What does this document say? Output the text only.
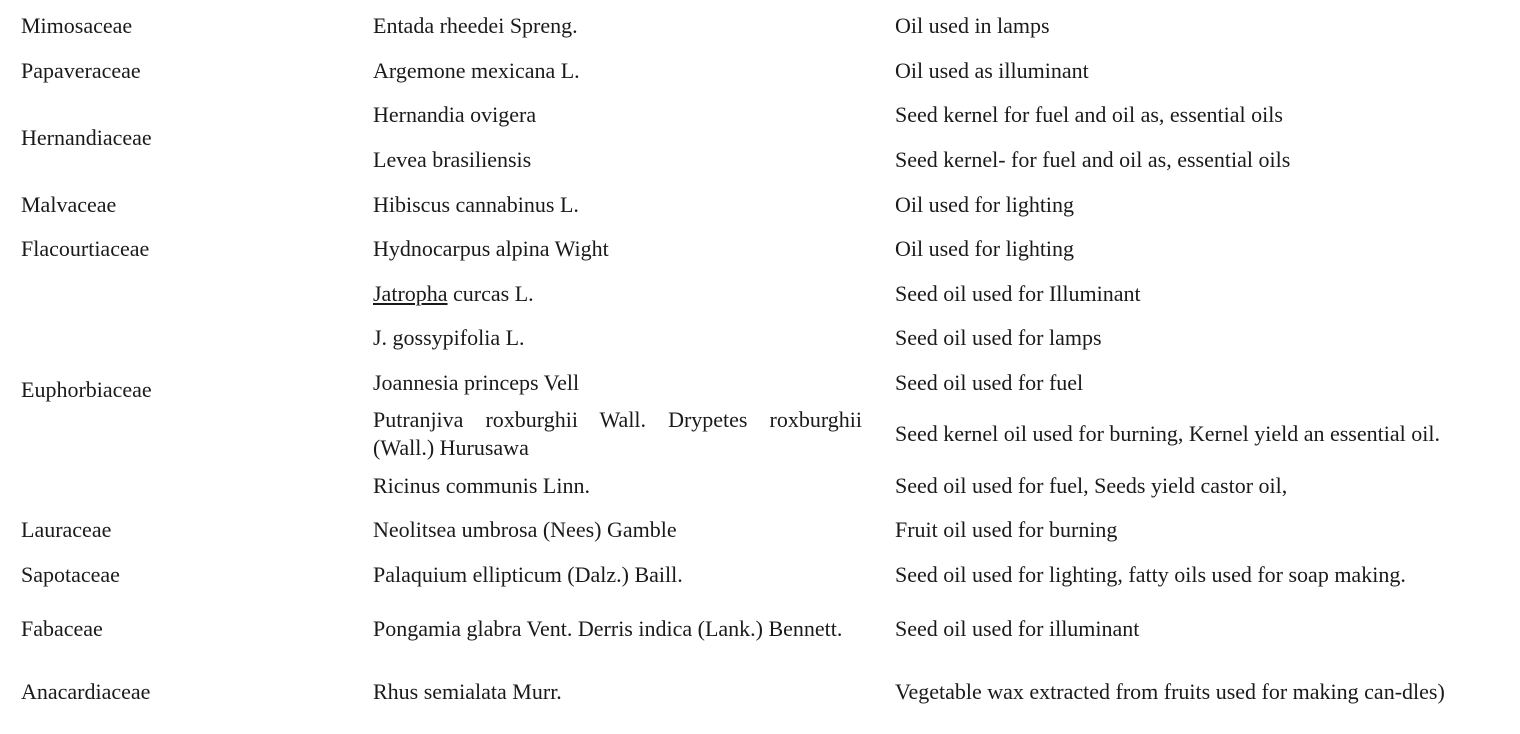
Mimosaceae	Entada rheedei Spreng.	Oil used in lamps
Papaveraceae	Argemone mexicana L.	Oil used as illuminant
Hernandiaceae	Hernandia ovigera	Seed kernel for fuel and oil as, essential oils
	Levea brasiliensis	Seed kernel- for fuel and oil as, essential oils
Malvaceae	Hibiscus cannabinus L.	Oil used for lighting
Flacourtiaceae	Hydnocarpus alpina Wight	Oil used for lighting
Euphorbiaceae	Jatropha curcas L.	Seed oil used for Illuminant
	J. gossypifolia L.	Seed oil used for lamps
	Joannesia princeps Vell	Seed oil used for fuel
	Putranjiva roxburghii Wall. Drypetes roxburghii (Wall.) Hurusawa	Seed kernel oil used for burning, Kernel yield an essential oil.
	Ricinus communis Linn.	Seed oil used for fuel, Seeds yield castor oil,
Lauraceae	Neolitsea umbrosa (Nees) Gamble	Fruit oil used for burning
Sapotaceae	Palaquium ellipticum (Dalz.) Baill.	Seed oil used for lighting, fatty oils used for soap making.
Fabaceae	Pongamia glabra Vent. Derris indica (Lank.) Bennett.	Seed oil used for illuminant
Anacardiaceae	Rhus semialata Murr.	Vegetable wax extracted from fruits used for making can-dles)
